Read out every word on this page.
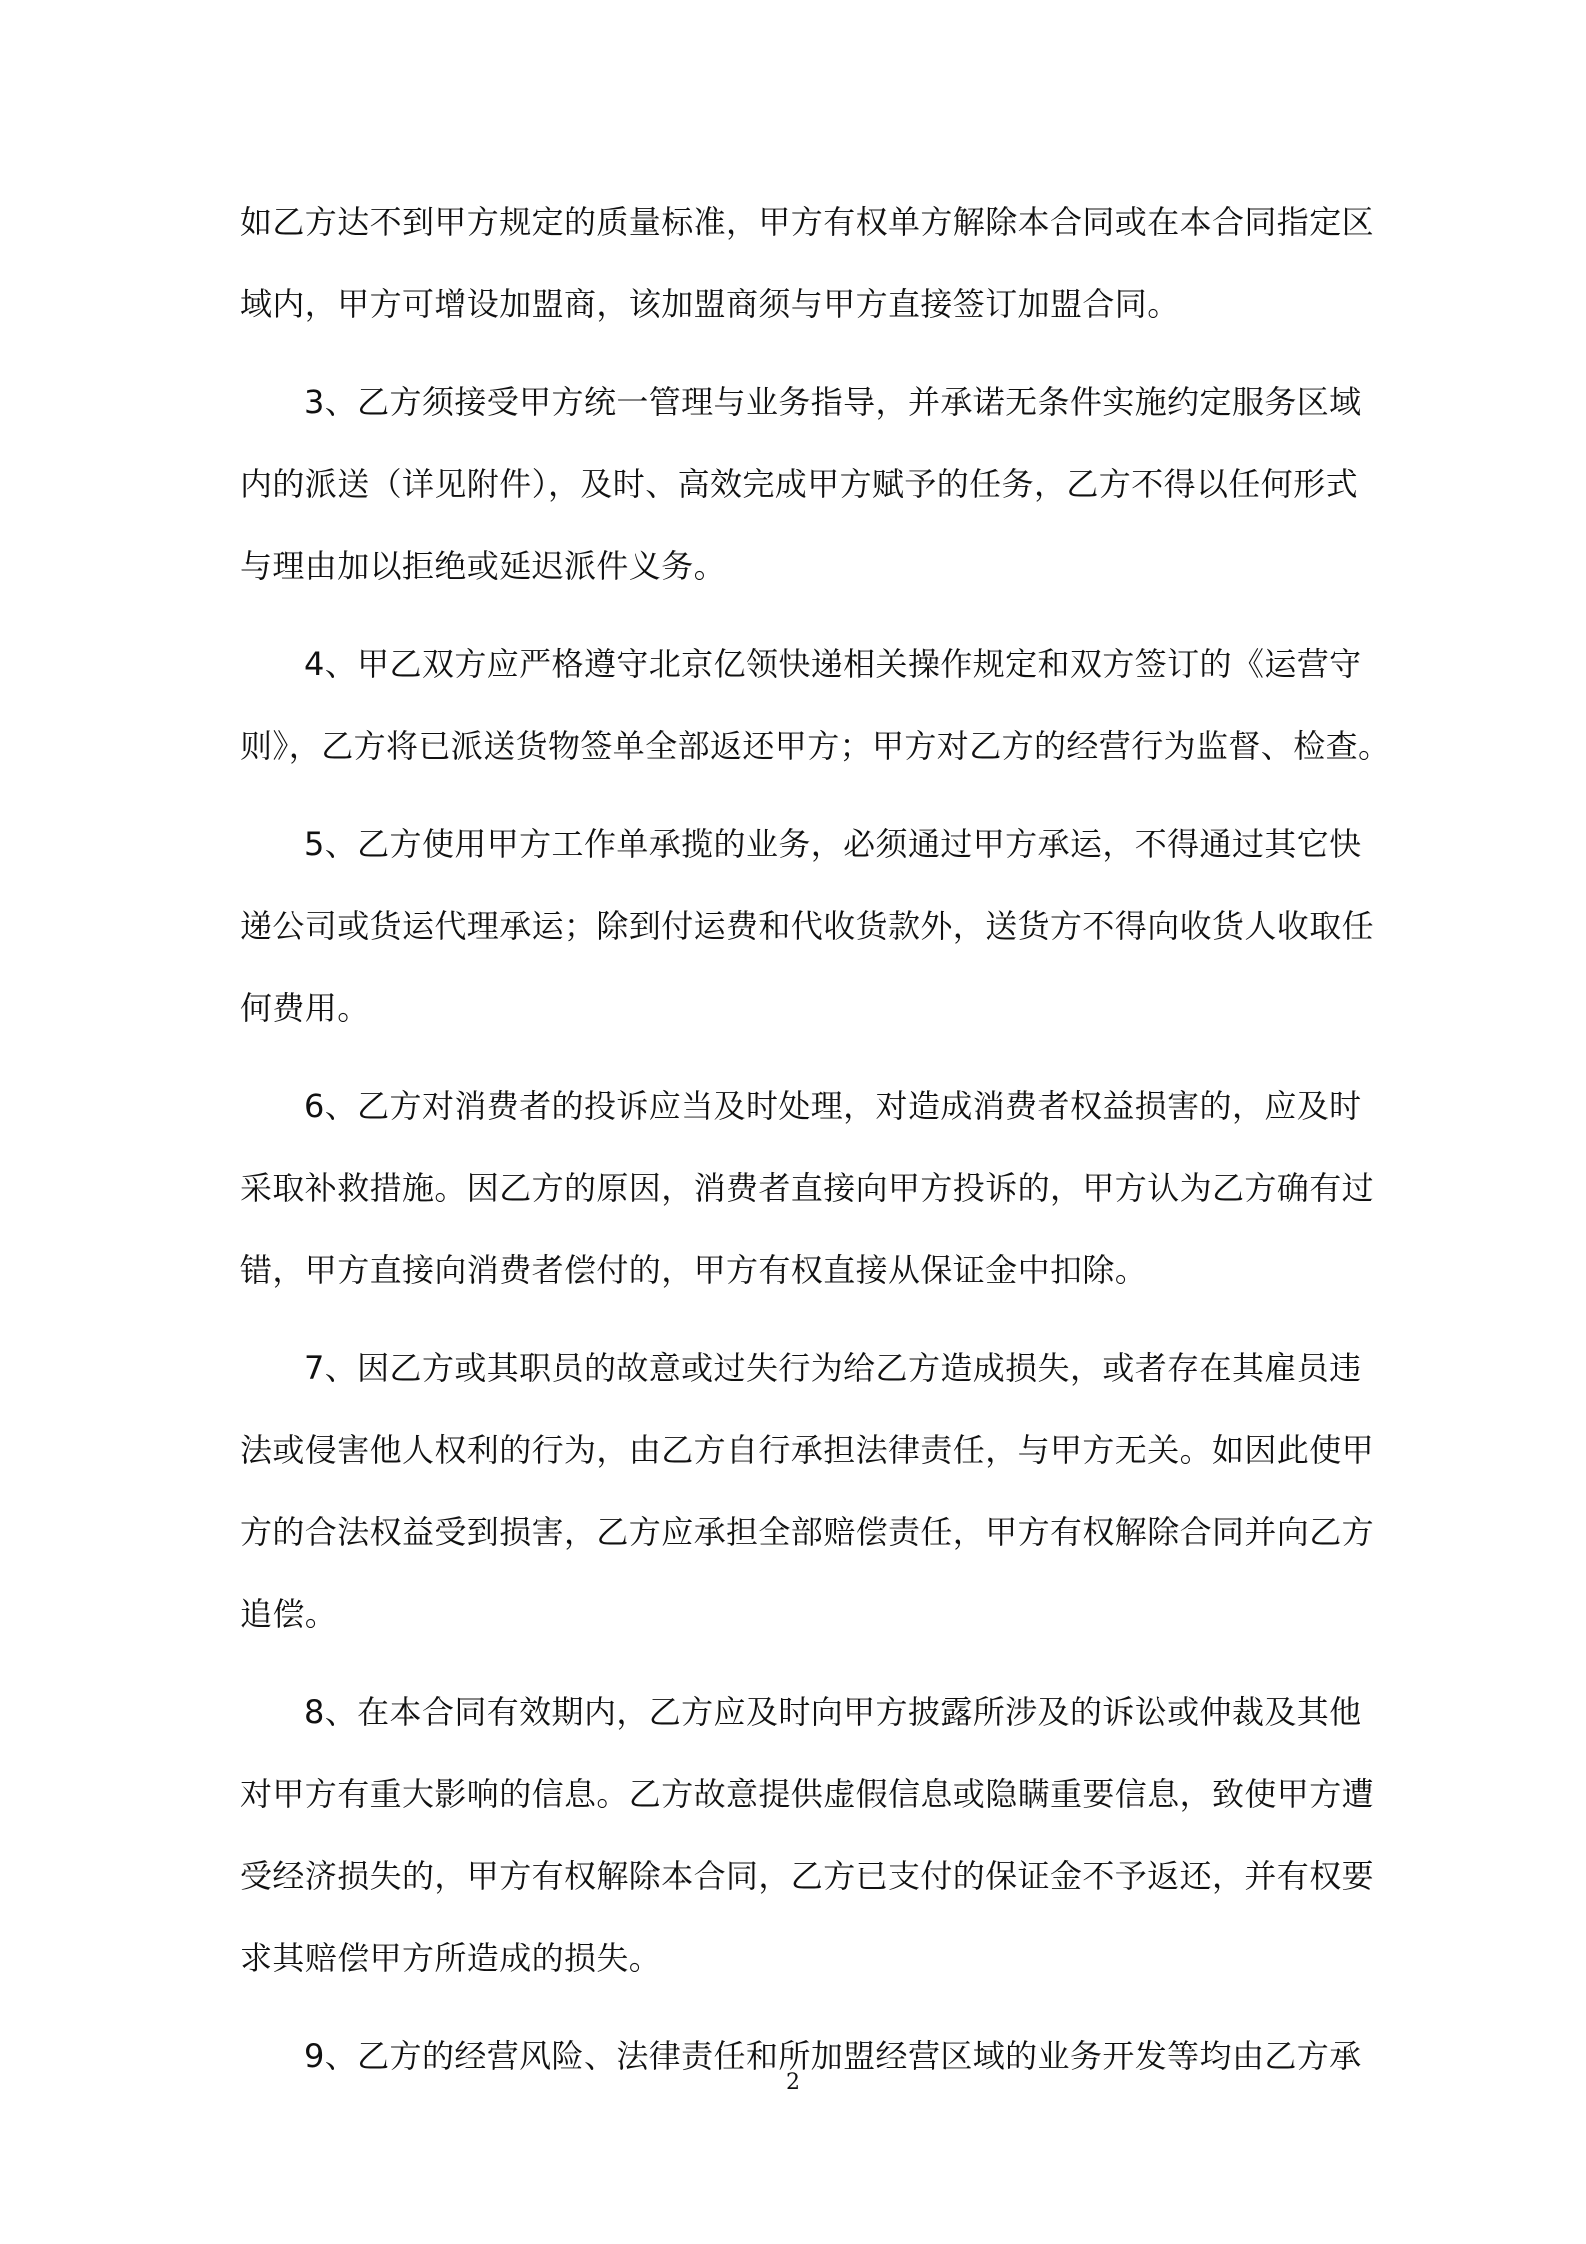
如乙方达不到甲方规定的质量标准，甲方有权单方解除本合同或在本合同指定区
域内，甲方可增设加盟商，该加盟商须与甲方直接签订加盟合同。
3、乙方须接受甲方统一管理与业务指导，并承诺无条件实施约定服务区域
内的派送（详见附件），及时、高效完成甲方赋予的任务，乙方不得以任何形式
与理由加以拒绝或延迟派件义务。
4、甲乙双方应严格遵守北京亿领快递相关操作规定和双方签订的《运营守
则》，乙方将已派送货物签单全部返还甲方；甲方对乙方的经营行为监督、检查。
5、乙方使用甲方工作单承揽的业务，必须通过甲方承运，不得通过其它快
递公司或货运代理承运；除到付运费和代收货款外，送货方不得向收货人收取任
何费用。
6、乙方对消费者的投诉应当及时处理，对造成消费者权益损害的，应及时
采取补救措施。因乙方的原因，消费者直接向甲方投诉的，甲方认为乙方确有过
错，甲方直接向消费者偿付的，甲方有权直接从保证金中扣除。
7、因乙方或其职员的故意或过失行为给乙方造成损失，或者存在其雇员违
法或侵害他人权利的行为，由乙方自行承担法律责任，与甲方无关。如因此使甲
方的合法权益受到损害，乙方应承担全部赔偿责任，甲方有权解除合同并向乙方
追偿。
8、在本合同有效期内，乙方应及时向甲方披露所涉及的诉讼或仲裁及其他
对甲方有重大影响的信息。乙方故意提供虚假信息或隐瞒重要信息，致使甲方遭
受经济损失的，甲方有权解除本合同，乙方已支付的保证金不予返还，并有权要
求其赔偿甲方所造成的损失。
9、乙方的经营风险、法律责任和所加盟经营区域的业务开发等均由乙方承
2
